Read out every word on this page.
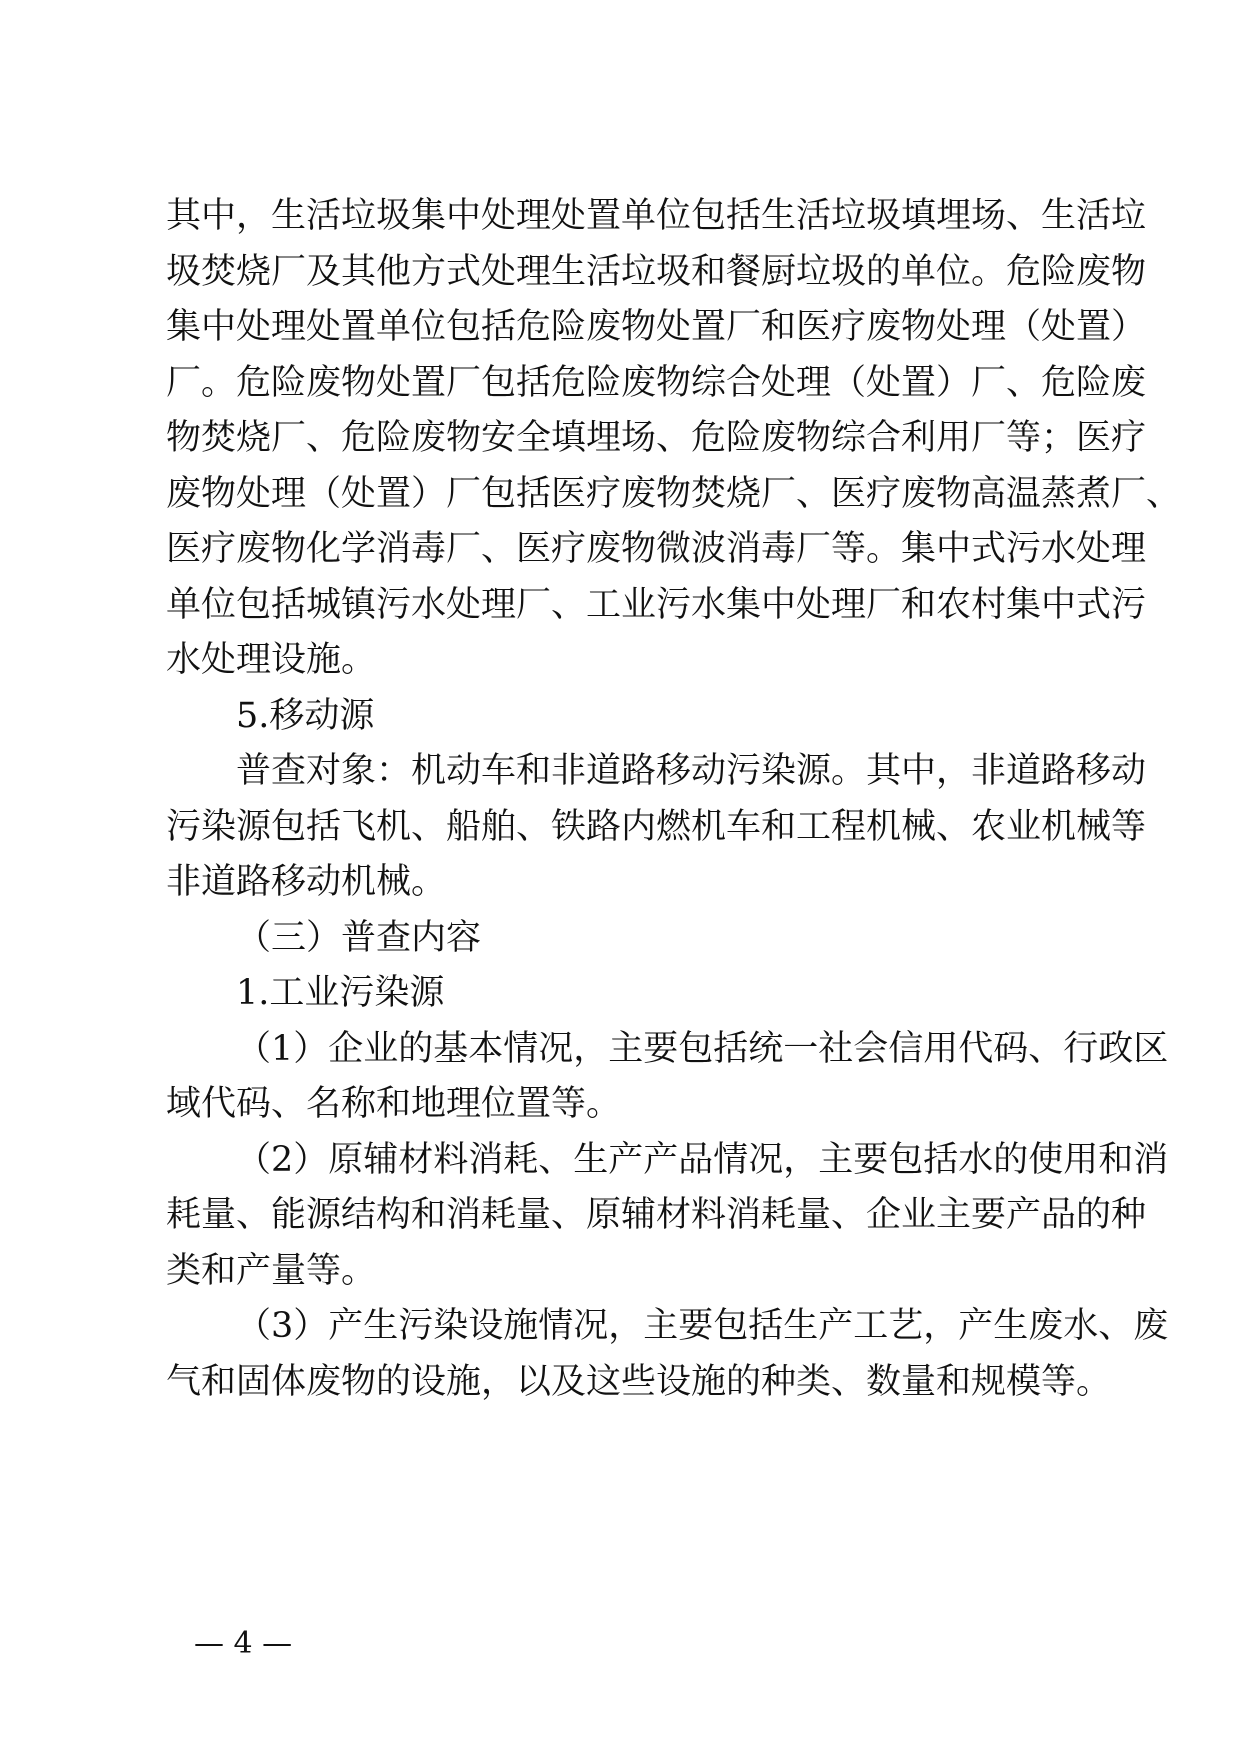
其中，生活垃圾集中处理处置单位包括生活垃圾填埋场、生活垃
圾焚烧厂及其他方式处理生活垃圾和餐厨垃圾的单位。危险废物
集中处理处置单位包括危险废物处置厂和医疗废物处理（处置）
厂。危险废物处置厂包括危险废物综合处理（处置）厂、危险废
物焚烧厂、危险废物安全填埋场、危险废物综合利用厂等；医疗
废物处理（处置）厂包括医疗废物焚烧厂、医疗废物高温蒸煮厂、
医疗废物化学消毒厂、医疗废物微波消毒厂等。集中式污水处理
单位包括城镇污水处理厂、工业污水集中处理厂和农村集中式污
水处理设施。
5.移动源
普查对象：机动车和非道路移动污染源。其中，非道路移动
污染源包括飞机、船舶、铁路内燃机车和工程机械、农业机械等
非道路移动机械。
（三）普查内容
1.工业污染源
（1）企业的基本情况，主要包括统一社会信用代码、行政区
域代码、名称和地理位置等。
（2）原辅材料消耗、生产产品情况，主要包括水的使用和消
耗量、能源结构和消耗量、原辅材料消耗量、企业主要产品的种
类和产量等。
（3）产生污染设施情况，主要包括生产工艺，产生废水、废
气和固体废物的设施，以及这些设施的种类、数量和规模等。
— 4 —
